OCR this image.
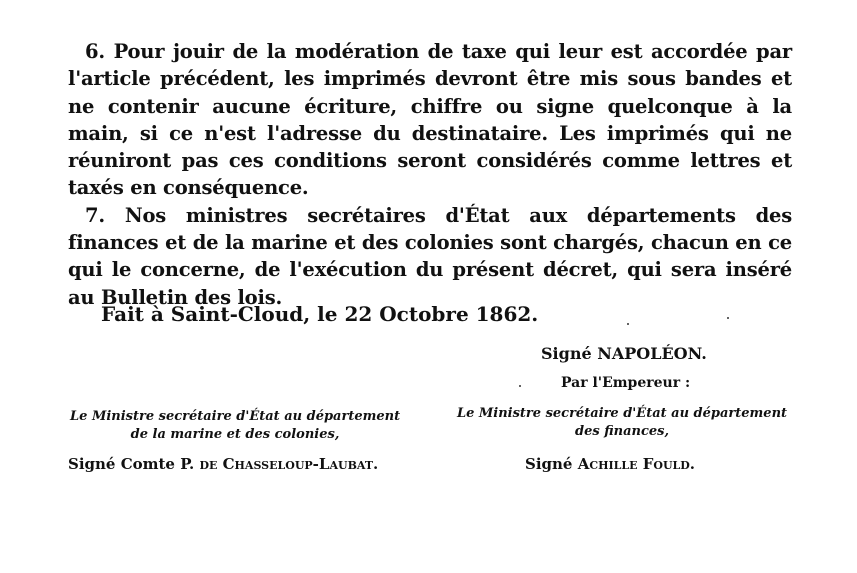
6. Pour jouir de la modération de taxe qui leur est accordée par l'article précédent, les imprimés devront être mis sous bandes et ne contenir aucune écriture, chiffre ou signe quelconque à la main, si ce n'est l'adresse du destinataire. Les imprimés qui ne réuniront pas ces conditions seront considérés comme lettres et taxés en conséquence.

7. Nos ministres secrétaires d'État aux départements des finances et de la marine et des colonies sont chargés, chacun en ce qui le concerne, de l'exécution du présent décret, qui sera inséré au Bulletin des lois.

Fait à Saint-Cloud, le 22 Octobre 1862.
Signé NAPOLÉON.
Par l'Empereur :
Le Ministre secrétaire d'État au département
de la marine et des colonies,
Le Ministre secrétaire d'État au département
des finances,
Signé Comte P. de Chasseloup-Laubat.	Signé Achille Fould.
